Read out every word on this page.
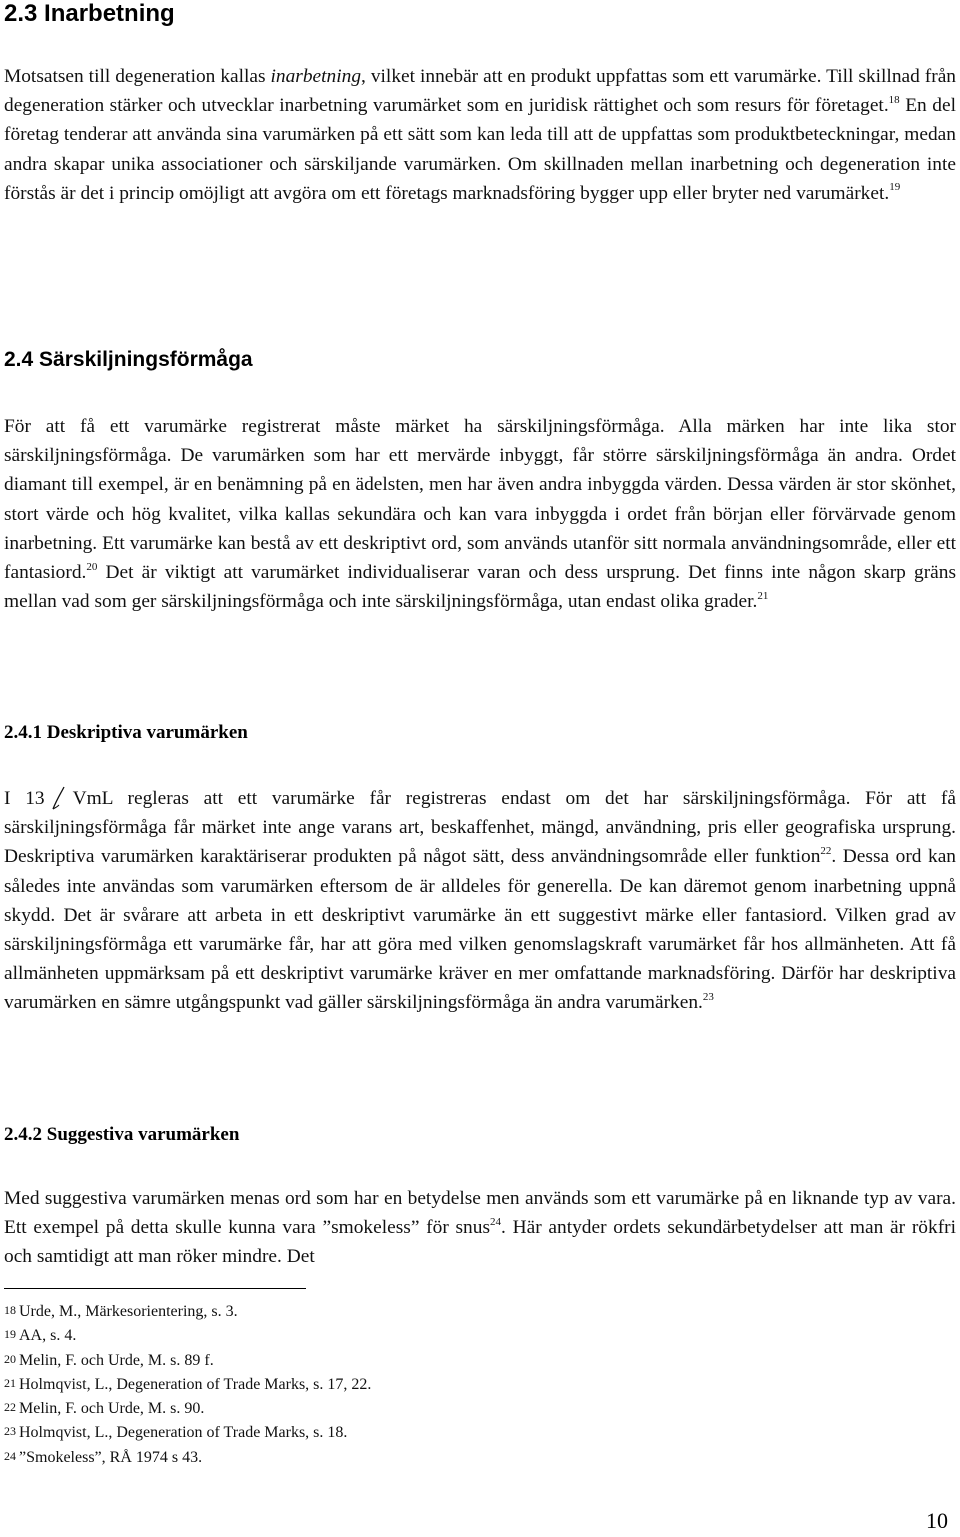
2.3 Inarbetning

Motsatsen till degeneration kallas inarbetning, vilket innebär att en produkt uppfattas som ett varumärke. Till skillnad från degeneration stärker och utvecklar inarbetning varumärket som en juridisk rättighet och som resurs för företaget.$^{18}$ En del företag tenderar att använda sina varumärken på ett sätt som kan leda till att de uppfattas som produktbeteckningar, medan andra skapar unika associationer och särskiljande varumärken. Om skillnaden mellan inarbetning och degeneration inte förstås är det i princip omöjligt att avgöra om ett företags marknadsföring bygger upp eller bryter ned varumärket.$^{19}$

2.4 Särskiljningsförmåga

För att få ett varumärke registrerat måste märket ha särskiljningsförmåga. Alla märken har inte lika stor särskiljningsförmåga. De varumärken som har ett mervärde inbyggt, får större särskiljningsförmåga än andra. Ordet diamant till exempel, är en benämning på en ädelsten, men har även andra inbyggda värden. Dessa värden är stor skönhet, stort värde och hög kvalitet, vilka kallas sekundära och kan vara inbyggda i ordet från början eller förvärvade genom inarbetning. Ett varumärke kan bestå av ett deskriptivt ord, som används utanför sitt normala användningsområde, eller ett fantasiord.$^{20}$ Det är viktigt att varumärket individualiserar varan och dess ursprung. Det finns inte någon skarp gräns mellan vad som ger särskiljningsförmåga och inte särskiljningsförmåga, utan endast olika grader.$^{21}$

2.4.1 Deskriptiva varumärken

I 13 VmL regleras att ett varumärke får registreras endast om det har särskiljningsförmåga. För att få särskiljningsförmåga får märket inte ange varans art, beskaffenhet, mängd, användning, pris eller geografiska ursprung. Deskriptiva varumärken karaktäriserar produkten på något sätt, dess användningsområde eller funktion$^{22}$. Dessa ord kan således inte användas som varumärken eftersom de är alldeles för generella. De kan däremot genom inarbetning uppnå skydd. Det är svårare att arbeta in ett deskriptivt varumärke än ett suggestivt märke eller fantasiord. Vilken grad av särskiljningsförmåga ett varumärke får, har att göra med vilken genomslagskraft varumärket får hos allmänheten. Att få allmänheten uppmärksam på ett deskriptivt varumärke kräver en mer omfattande marknadsföring. Därför har deskriptiva varumärken en sämre utgångspunkt vad gäller särskiljningsförmåga än andra varumärken.$^{23}$

2.4.2 Suggestiva varumärken

Med suggestiva varumärken menas ord som har en betydelse men används som ett varumärke på en liknande typ av vara. Ett exempel på detta skulle kunna vara ”smokeless” för snus$^{24}$. Här antyder ordets sekundärbetydelser att man är rökfri och samtidigt att man röker mindre. Det

18 Urde, M., Märkesorientering, s. 3.
19 AA, s. 4.
20 Melin, F. och Urde, M. s. 89 f.
21 Holmqvist, L., Degeneration of Trade Marks, s. 17, 22.
22 Melin, F. och Urde, M. s. 90.
23 Holmqvist, L., Degeneration of Trade Marks, s. 18.
24 ”Smokeless”, RÅ 1974 s 43.
10
